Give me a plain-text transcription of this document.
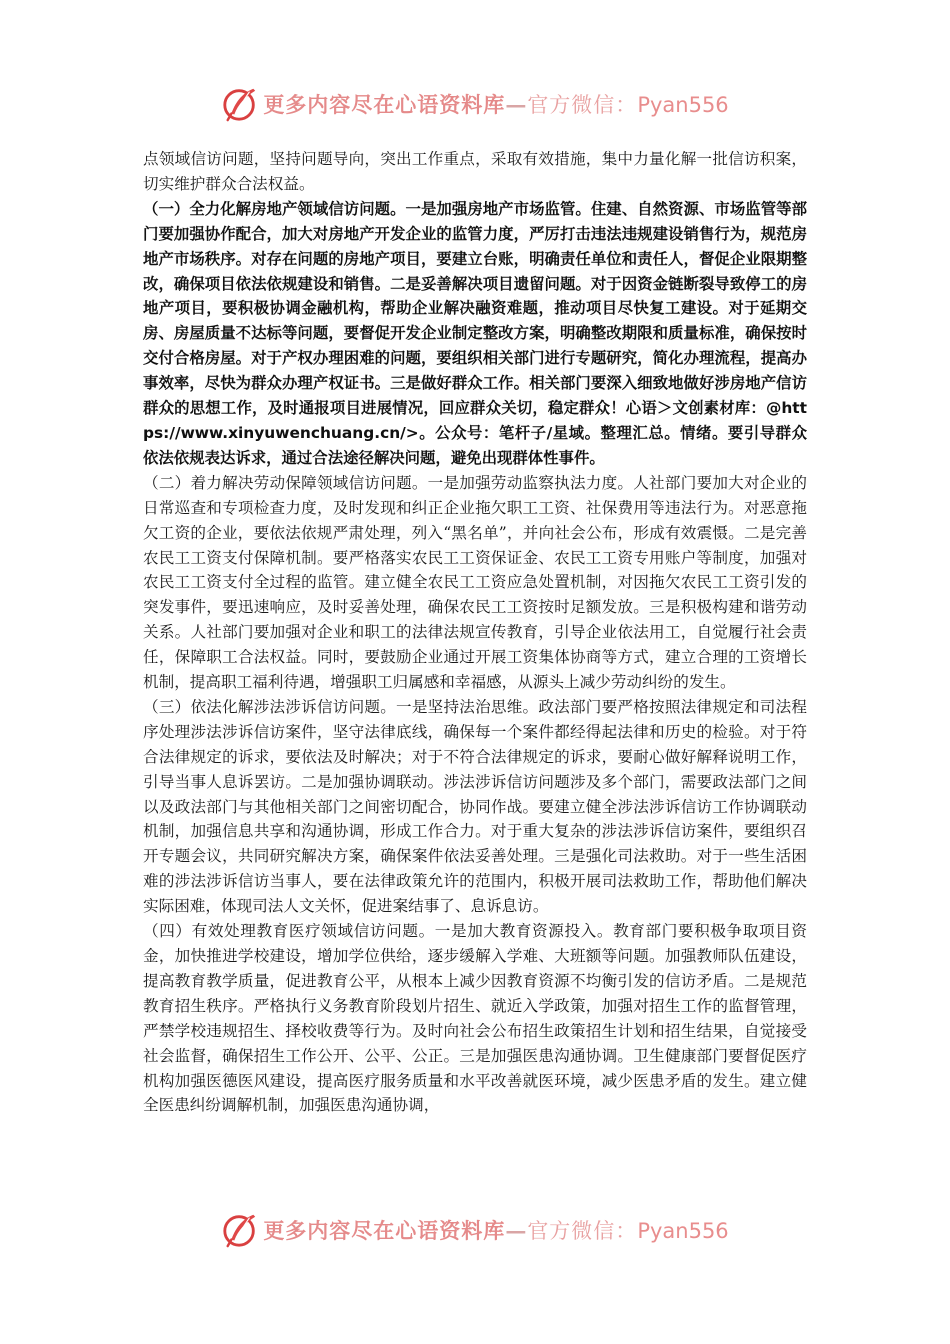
更多内容尽在心语资料库—官方微信：Pyan556

点领域信访问题，坚持问题导向，突出工作重点，采取有效措施，集中力量化解一批信访积案，切实维护群众合法权益。

（一）全力化解房地产领域信访问题。一是加强房地产市场监管。住建、自然资源、市场监管等部门要加强协作配合，加大对房地产开发企业的监管力度，严厉打击违法违规建设销售行为，规范房地产市场秩序。对存在问题的房地产项目，要建立台账，明确责任单位和责任人，督促企业限期整改，确保项目依法依规建设和销售。二是妥善解决项目遗留问题。对于因资金链断裂导致停工的房地产项目，要积极协调金融机构，帮助企业解决融资难题，推动项目尽快复工建设。对于延期交房、房屋质量不达标等问题，要督促开发企业制定整改方案，明确整改期限和质量标准，确保按时交付合格房屋。对于产权办理困难的问题，要组织相关部门进行专题研究，简化办理流程，提高办事效率，尽快为群众办理产权证书。三是做好群众工作。相关部门要深入细致地做好涉房地产信访群众的思想工作，及时通报项目进展情况，回应群众关切，稳定群众！心语＞文创素材库：@https://www.xinyuwenchuang.cn/>。公众号：笔杆子/星域。整理汇总。情绪。要引导群众依法依规表达诉求，通过合法途径解决问题，避免出现群体性事件。

（二）着力解决劳动保障领域信访问题。一是加强劳动监察执法力度。人社部门要加大对企业的日常巡查和专项检查力度，及时发现和纠正企业拖欠职工工资、社保费用等违法行为。对恶意拖欠工资的企业，要依法依规严肃处理，列入“黑名单”，并向社会公布，形成有效震慑。二是完善农民工工资支付保障机制。要严格落实农民工工资保证金、农民工工资专用账户等制度，加强对农民工工资支付全过程的监管。建立健全农民工工资应急处置机制，对因拖欠农民工工资引发的突发事件，要迅速响应，及时妥善处理，确保农民工工资按时足额发放。三是积极构建和谐劳动关系。人社部门要加强对企业和职工的法律法规宣传教育，引导企业依法用工，自觉履行社会责任，保障职工合法权益。同时，要鼓励企业通过开展工资集体协商等方式，建立合理的工资增长机制，提高职工福利待遇，增强职工归属感和幸福感，从源头上减少劳动纠纷的发生。

（三）依法化解涉法涉诉信访问题。一是坚持法治思维。政法部门要严格按照法律规定和司法程序处理涉法涉诉信访案件，坚守法律底线，确保每一个案件都经得起法律和历史的检验。对于符合法律规定的诉求，要依法及时解决；对于不符合法律规定的诉求，要耐心做好解释说明工作，引导当事人息诉罢访。二是加强协调联动。涉法涉诉信访问题涉及多个部门，需要政法部门之间以及政法部门与其他相关部门之间密切配合，协同作战。要建立健全涉法涉诉信访工作协调联动机制，加强信息共享和沟通协调，形成工作合力。对于重大复杂的涉法涉诉信访案件，要组织召开专题会议，共同研究解决方案，确保案件依法妥善处理。三是强化司法救助。对于一些生活困难的涉法涉诉信访当事人，要在法律政策允许的范围内，积极开展司法救助工作，帮助他们解决实际困难，体现司法人文关怀，促进案结事了、息诉息访。

（四）有效处理教育医疗领域信访问题。一是加大教育资源投入。教育部门要积极争取项目资金，加快推进学校建设，增加学位供给，逐步缓解入学难、大班额等问题。加强教师队伍建设，提高教育教学质量，促进教育公平，从根本上减少因教育资源不均衡引发的信访矛盾。二是规范教育招生秩序。严格执行义务教育阶段划片招生、就近入学政策，加强对招生工作的监督管理，严禁学校违规招生、择校收费等行为。及时向社会公布招生政策招生计划和招生结果，自觉接受社会监督，确保招生工作公开、公平、公正。三是加强医患沟通协调。卫生健康部门要督促医疗机构加强医德医风建设，提高医疗服务质量和水平改善就医环境，减少医患矛盾的发生。建立健全医患纠纷调解机制，加强医患沟通协调，

更多内容尽在心语资料库—官方微信：Pyan556
